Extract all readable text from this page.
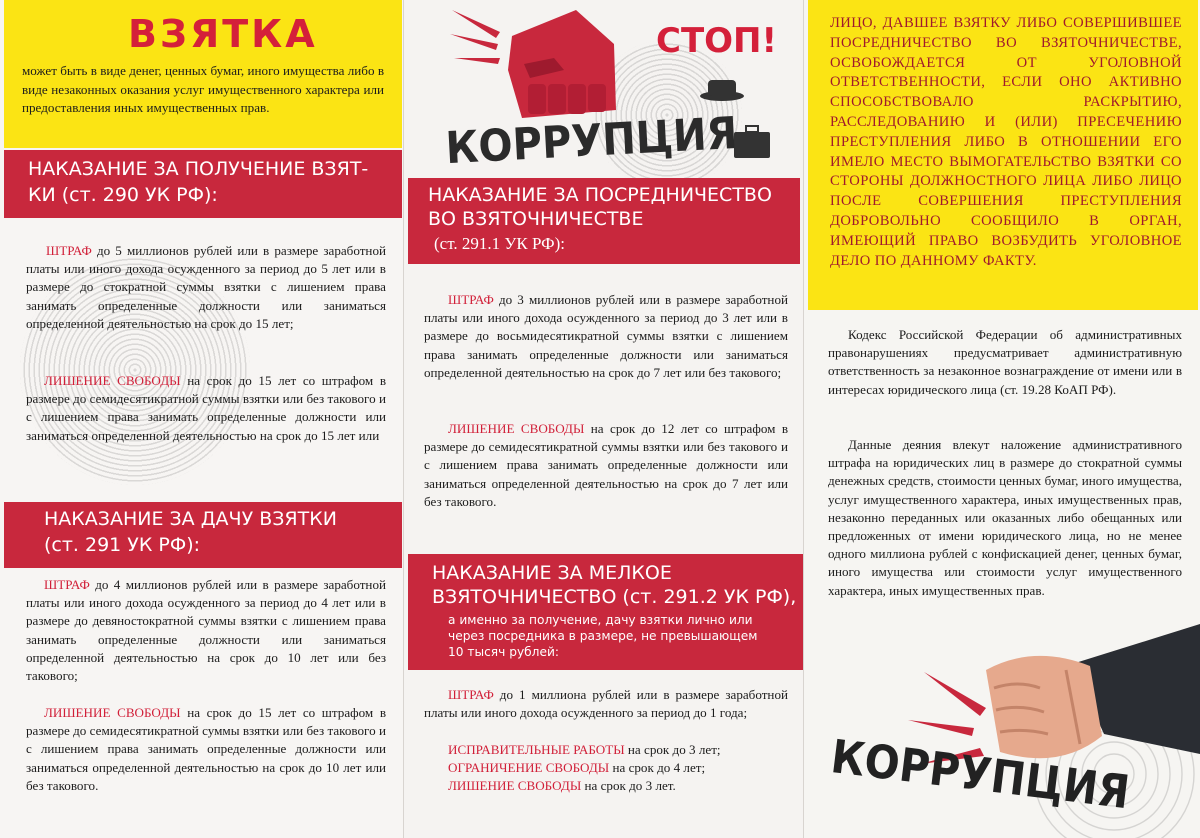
ВЗЯТКА
может быть в виде денег, ценных бумаг, иного имущества либо в виде незаконных оказания услуг имущественного характера или предоставления иных имущественных прав.
НАКАЗАНИЕ ЗА ПОЛУЧЕНИЕ ВЗЯТ-
КИ (ст. 290 УК РФ):
ШТРАФ до 5 миллионов рублей или в размере заработной платы или иного дохода осужденного за период до 5 лет или в размере до стократной суммы взятки с лишением права занимать определенные должности или заниматься определенной деятельностью на срок до 15 лет;
ЛИШЕНИЕ СВОБОДЫ на срок до 15 лет со штрафом в размере до семидесятикратной суммы взятки или без такового и с лишением права занимать определенные должности или заниматься определенной деятельностью на срок до 15 лет или
НАКАЗАНИЕ ЗА ДАЧУ ВЗЯТКИ
(ст. 291 УК РФ):
ШТРАФ до 4 миллионов рублей или в размере заработной платы или иного дохода осужденного за период до 4 лет или в размере до девяностократной суммы взятки с лишением права занимать определенные должности или заниматься определенной деятельностью на срок до 10 лет или без такового;
ЛИШЕНИЕ СВОБОДЫ на срок до 15 лет со штрафом в размере до семидесятикратной суммы взятки или без такового и с лишением права занимать определенные должности или заниматься определенной деятельностью на срок до 10 лет или без такового.
СТОП!
КОРРУПЦИЯ
НАКАЗАНИЕ ЗА ПОСРЕДНИЧЕСТВО
ВО ВЗЯТОЧНИЧЕСТВЕ
(ст. 291.1 УК РФ):
ШТРАФ до 3 миллионов рублей или в размере заработной платы или иного дохода осужденного за период до 3 лет или в размере до восьмидесятикратной суммы взятки с лишением права занимать определенные должности или заниматься определенной деятельностью на срок до 7 лет или без такового;
ЛИШЕНИЕ СВОБОДЫ на срок до 12 лет со штрафом в размере до семидесятикратной суммы взятки или без такового и с лишением права занимать определенные должности или заниматься определенной деятельностью на срок до 7 лет или без такового.
НАКАЗАНИЕ ЗА МЕЛКОЕ
ВЗЯТОЧНИЧЕСТВО (ст. 291.2 УК РФ),
а именно за получение, дачу взятки лично или через посредника в размере, не превышающем 10 тысяч рублей:
ШТРАФ до 1 миллиона рублей или в размере заработной платы или иного дохода осужденного за период до 1 года;
ИСПРАВИТЕЛЬНЫЕ РАБОТЫ на срок до 3 лет;
ОГРАНИЧЕНИЕ СВОБОДЫ на срок до 4 лет;
ЛИШЕНИЕ СВОБОДЫ на срок до 3 лет.
ЛИЦО, ДАВШЕЕ ВЗЯТКУ ЛИБО СОВЕРШИВШЕЕ ПОСРЕДНИЧЕСТВО ВО ВЗЯТОЧНИЧЕСТВЕ, ОСВОБОЖДАЕТСЯ ОТ УГОЛОВНОЙ ОТВЕТСТВЕННОСТИ, ЕСЛИ ОНО АКТИВНО СПОСОБСТВОВАЛО РАСКРЫТИЮ, РАССЛЕДОВАНИЮ И (ИЛИ) ПРЕСЕЧЕНИЮ ПРЕСТУПЛЕНИЯ ЛИБО В ОТНОШЕНИИ ЕГО ИМЕЛО МЕСТО ВЫМОГАТЕЛЬСТВО ВЗЯТКИ СО СТОРОНЫ ДОЛЖНОСТНОГО ЛИЦА ЛИБО ЛИЦО ПОСЛЕ СОВЕРШЕНИЯ ПРЕСТУПЛЕНИЯ ДОБРОВОЛЬНО СООБЩИЛО В ОРГАН, ИМЕЮЩИЙ ПРАВО ВОЗБУДИТЬ УГОЛОВНОЕ ДЕЛО ПО ДАННОМУ ФАКТУ.
Кодекс Российской Федерации об административных правонарушениях предусматривает административную ответственность за незаконное вознаграждение от имени или в интересах юридического лица (ст. 19.28 КоАП РФ).
Данные деяния влекут наложение административного штрафа на юридических лиц в размере до стократной суммы денежных средств, стоимости ценных бумаг, иного имущества, услуг имущественного характера, иных имущественных прав, незаконно переданных или оказанных либо обещанных или предложенных от имени юридического лица, но не менее одного миллиона рублей с конфискацией денег, ценных бумаг, иного имущества или стоимости услуг имущественного характера, иных имущественных прав.
КОРРУПЦИЯ
